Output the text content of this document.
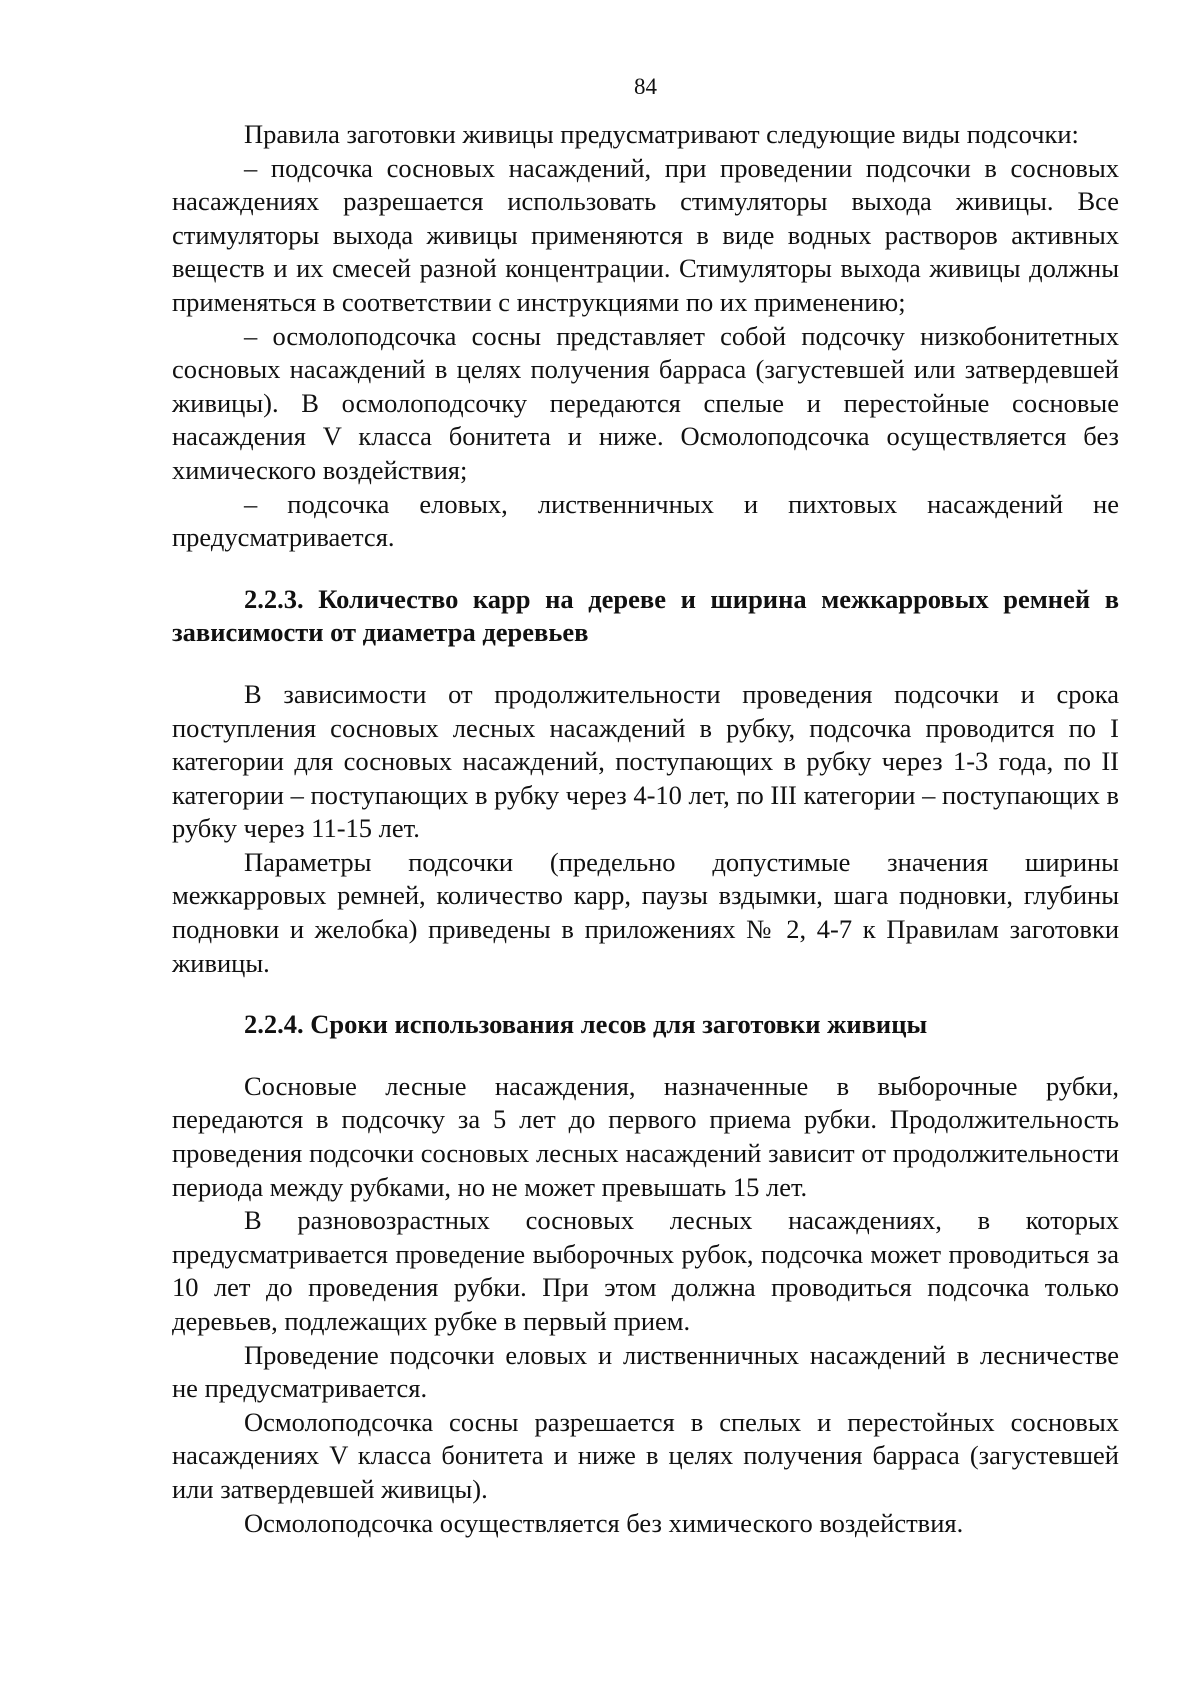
84

Правила заготовки живицы предусматривают следующие виды подсочки:

– подсочка сосновых насаждений, при проведении подсочки в сосновых насаждениях разрешается использовать стимуляторы выхода живицы. Все стимуляторы выхода живицы применяются в виде водных растворов активных веществ и их смесей разной концентрации. Стимуляторы выхода живицы должны применяться в соответствии с инструкциями по их применению;

– осмолоподсочка сосны представляет собой подсочку низкобонитетных сосновых насаждений в целях получения барраса (загустевшей или затвердевшей живицы). В осмолоподсочку передаются спелые и перестойные сосновые насаждения V класса бонитета и ниже. Осмолоподсочка осуществляется без химического воздействия;

– подсочка еловых, лиственничных и пихтовых насаждений не предусматривается.

2.2.3. Количество карр на дереве и ширина межкарровых ремней в зависимости от диаметра деревьев

В зависимости от продолжительности проведения подсочки и срока поступления сосновых лесных насаждений в рубку, подсочка проводится по I категории для сосновых насаждений, поступающих в рубку через 1-3 года, по II категории – поступающих в рубку через 4-10 лет, по III категории – поступающих в рубку через 11-15 лет.

Параметры подсочки (предельно допустимые значения ширины межкарровых ремней, количество карр, паузы вздымки, шага подновки, глубины подновки и желобка) приведены в приложениях № 2, 4-7 к Правилам заготовки живицы.

2.2.4. Сроки использования лесов для заготовки живицы

Сосновые лесные насаждения, назначенные в выборочные рубки, передаются в подсочку за 5 лет до первого приема рубки. Продолжительность проведения подсочки сосновых лесных насаждений зависит от продолжительности периода между рубками, но не может превышать 15 лет.

В разновозрастных сосновых лесных насаждениях, в которых предусматривается проведение выборочных рубок, подсочка может проводиться за 10 лет до проведения рубки. При этом должна проводиться подсочка только деревьев, подлежащих рубке в первый прием.

Проведение подсочки еловых и лиственничных насаждений в лесничестве не предусматривается.

Осмолоподсочка сосны разрешается в спелых и перестойных сосновых насаждениях V класса бонитета и ниже в целях получения барраса (загустевшей или затвердевшей живицы).

Осмолоподсочка осуществляется без химического воздействия.
